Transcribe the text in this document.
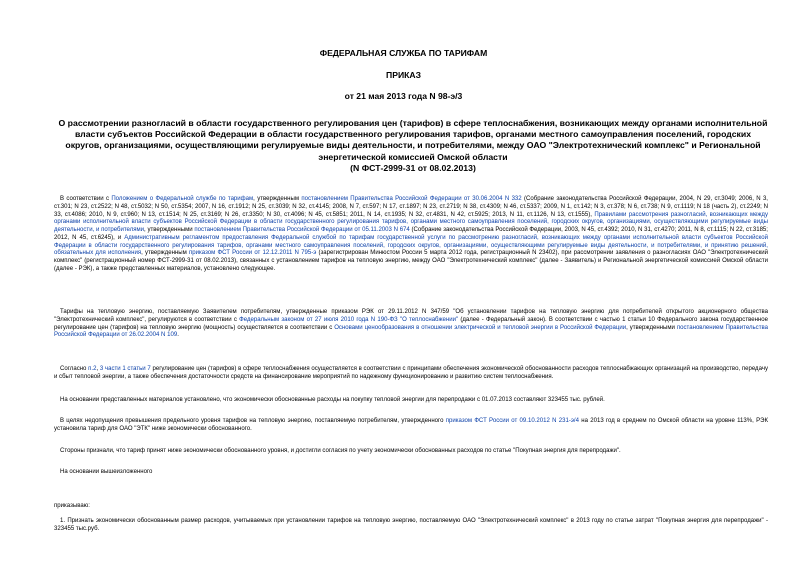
ФЕДЕРАЛЬНАЯ СЛУЖБА ПО ТАРИФАМ
ПРИКАЗ
от 21 мая 2013 года N 98-э/3
О рассмотрении разногласий в области государственного регулирования цен (тарифов) в сфере теплоснабжения, возникающих между органами исполнительной
власти субъектов Российской Федерации в области государственного регулирования тарифов, органами местного самоуправления поселений, городских
округов, организациями, осуществляющими регулируемые виды деятельности, и потребителями, между ОАО "Электротехнический комплекс" и Региональной
энергетической комиссией Омской области
(N ФСТ-2999-31 от 08.02.2013)
В соответствии с Положением о Федеральной службе по тарифам, утвержденным постановлением Правительства Российской Федерации от 30.06.2004 N 332 (Собрание законодательства Российской Федерации, 2004, N 29, ст.3049; 2006, N 3, ст.301; N 23, ст.2522; N 48, ст.5032; N 50, ст.5354; 2007, N 16, ст.1912; N 25, ст.3039; N 32, ст.4145; 2008, N 7, ст.597; N 17, ст.1897; N 23, ст.2719; N 38, ст.4309; N 46, ст.5337; 2009, N 1, ст.142; N 3, ст.378; N 6, ст.738; N 9, ст.1119; N 18 (часть 2), ст.2249; N 33, ст.4086; 2010, N 9, ст.960; N 13, ст.1514; N 25, ст.3169; N 26, ст.3350; N 30, ст.4096; N 45, ст.5851; 2011, N 14, ст.1935; N 32, ст.4831, N 42, ст.5925; 2013, N 11, ст.1126, N 13, ст.1555), Правилами рассмотрения разногласий, возникающих между органами исполнительной власти субъектов Российской Федерации в области государственного регулирования тарифов, органами местного самоуправления поселений, городских округов, организациями, осуществляющими регулируемые виды деятельности, и потребителями, утвержденными постановлением Правительства Российской Федерации от 05.11.2003 N 674 (Собрание законодательства Российской Федерации, 2003, N 45, ст.4392; 2010, N 31, ст.4270; 2011, N 8, ст.1115; N 22, ст.3185; 2012, N 45, ст.6245), и Административным регламентом предоставления Федеральной службой по тарифам государственной услуги по рассмотрению разногласий, возникающих между органами исполнительной власти субъектов Российской Федерации в области государственного регулирования тарифов, органами местного самоуправления поселений, городских округов, организациями, осуществляющими регулируемые виды деятельности, и потребителями, и принятию решений, обязательных для исполнения, утвержденным приказом ФСТ России от 12.12.2011 N 795-э (зарегистрирован Минюстом России 5 марта 2012 года, регистрационный N 23402), при рассмотрении заявления о разногласиях ОАО "Электротехнический комплекс" (регистрационный номер ФСТ-2999-31 от 08.02.2013), связанных с установлением тарифов на тепловую энергию, между ОАО "Электротехнический комплекс" (далее - Заявитель) и Региональной энергетической комиссией Омской области (далее - РЭК), а также представленных материалов, установлено следующее.
Тарифы на тепловую энергию, поставляемую Заявителем потребителям, утвержденные приказом РЭК от 29.11.2012 N 347/59 "Об установлении тарифов на тепловую энергию для потребителей открытого акционерного общества "Электротехнический комплекс", регулируются в соответствии с Федеральным законом от 27 июля 2010 года N 190-ФЗ "О теплоснабжении" (далее - Федеральный закон). В соответствии с частью 1 статьи 10 Федерального закона государственное регулирование цен (тарифов) на тепловую энергию (мощность) осуществляется в соответствии с Основами ценообразования в отношении электрической и тепловой энергии в Российской Федерации, утвержденными постановлением Правительства Российской Федерации от 26.02.2004 N 109.
Согласно п.2, 3 части 1 статьи 7 регулирование цен (тарифов) в сфере теплоснабжения осуществляется в соответствии с принципами обеспечения экономической обоснованности расходов теплоснабжающих организаций на производство, передачу и сбыт тепловой энергии, а также обеспечения достаточности средств на финансирование мероприятий по надежному функционированию и развитию систем теплоснабжения.
На основании представленных материалов установлено, что экономически обоснованные расходы на покупку тепловой энергии для перепродажи с 01.07.2013 составляют 323455 тыс. рублей.
В целях недопущения превышения предельного уровня тарифов на тепловую энергию, поставляемую потребителям, утвержденного приказом ФСТ России от 09.10.2012 N 231-э/4 на 2013 год в среднем по Омской области на уровне 113%, РЭК установила тариф для ОАО "ЭТК" ниже экономически обоснованного.
Стороны признали, что тариф принят ниже экономически обоснованного уровня, и достигли согласия по учету экономически обоснованных расходов по статье "Покупная энергия для перепродажи".
На основании вышеизложенного
приказываю:
1. Признать экономически обоснованным размер расходов, учитываемых при установлении тарифов на тепловую энергию, поставляемую ОАО "Электротехнический комплекс" в 2013 году по статье затрат "Покупная энергия для перепродажи" - 323455 тыс.руб.
